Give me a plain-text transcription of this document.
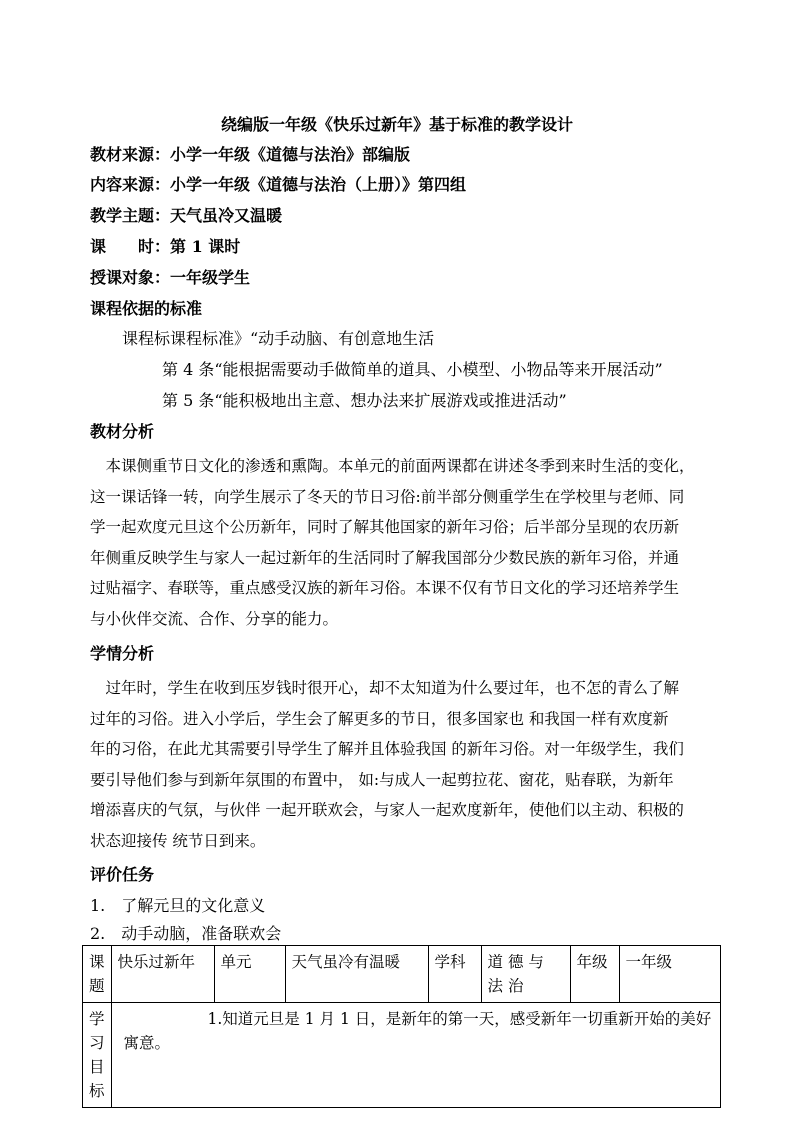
绕编版一年级《快乐过新年》基于标准的教学设计
教材来源：小学一年级《道德与法治》部编版
内容来源：小学一年级《道德与法治（上册）》第四组
教学主题：天气虽冷又温暖
课　　时：第 1 课时
授课对象：一年级学生
课程依据的标准
课程标课程标准》“动手动脑、有创意地生活
第 4 条“能根据需要动手做简单的道具、小模型、小物品等来开展活动”
第 5 条“能积极地出主意、想办法来扩展游戏或推进活动”
教材分析
　本课侧重节日文化的渗透和熏陶。本单元的前面两课都在讲述冬季到来时生活的变化，
这一课话锋一转，向学生展示了冬天的节日习俗:前半部分侧重学生在学校里与老师、同
学一起欢度元旦这个公历新年，同时了解其他国家的新年习俗；后半部分呈现的农历新
年侧重反映学生与家人一起过新年的生活同时了解我国部分少数民族的新年习俗，并通
过贴福字、春联等，重点感受汉族的新年习俗。本课不仅有节日文化的学习还培养学生
与小伙伴交流、合作、分享的能力。
学情分析
　过年时，学生在收到压岁钱时很开心，却不太知道为什么要过年，也不怎的青么了解
过年的习俗。进入小学后，学生会了解更多的节日，很多国家也 和我国一样有欢度新
年的习俗，在此尤其需要引导学生了解并且体验我国 的新年习俗。对一年级学生，我们
要引导他们参与到新年氛围的布置中， 如:与成人一起剪拉花、窗花，贴春联，为新年
增添喜庆的气氛，与伙伴 一起开联欢会，与家人一起欢度新年，使他们以主动、积极的
状态迎接传 统节日到来。
评价任务
1.　了解元旦的文化意义
2.　动手动脑，准备联欢会
课题	快乐过新年	单元	天气虽冷有温暖	学科	道 德 与 法 治	年级	一年级
学习目标	1.知道元旦是 1 月 1 日，是新年的第一天，感受新年一切重新开始的美好寓意。						
